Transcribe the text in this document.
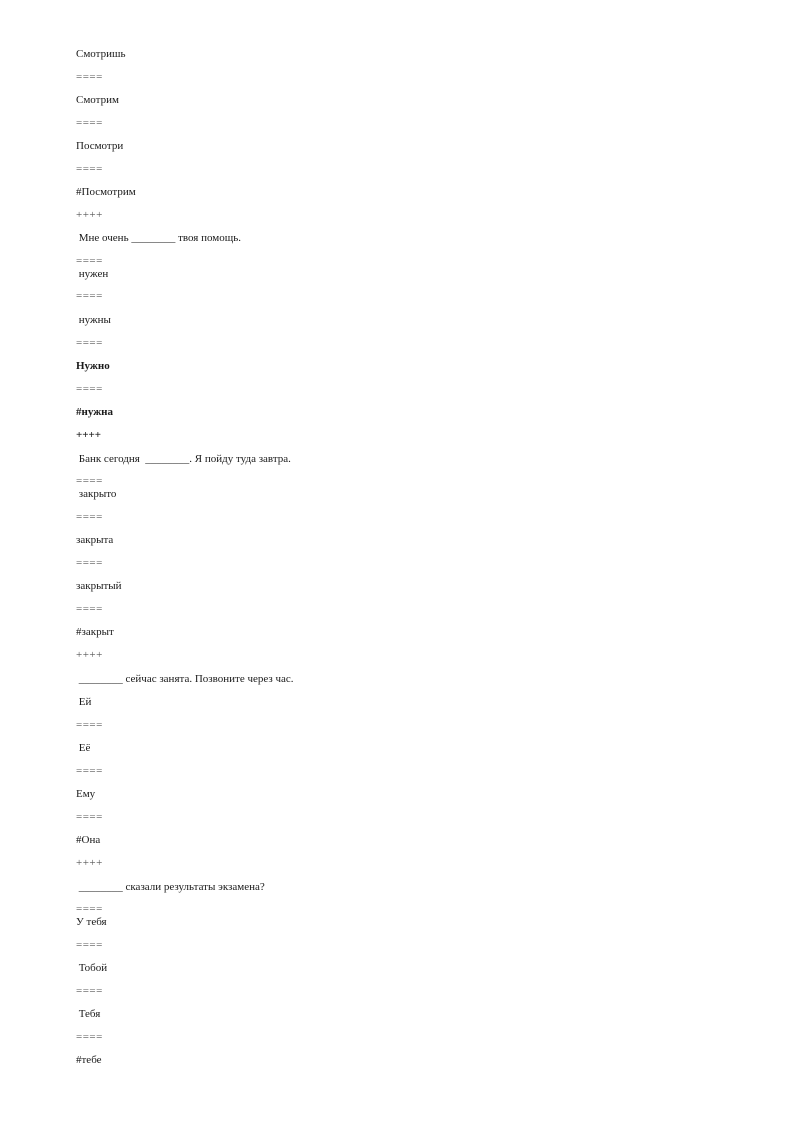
Смотришь
====
Смотрим
====
Посмотри
====
#Посмотрим
++++
Мне очень ________ твоя помощь.
====
нужен
====
нужны
====
Нужно
====
#нужна
++++
Банк сегодня  ________. Я пойду туда завтра.
====
закрыто
====
закрыта
====
закрытый
====
#закрыт
++++
________ сейчас занята. Позвоните через час.
Ей
====
Её
====
Ему
====
#Она
++++
________ сказали результаты экзамена?
====
У тебя
====
Тобой
====
Тебя
====
#тебе
